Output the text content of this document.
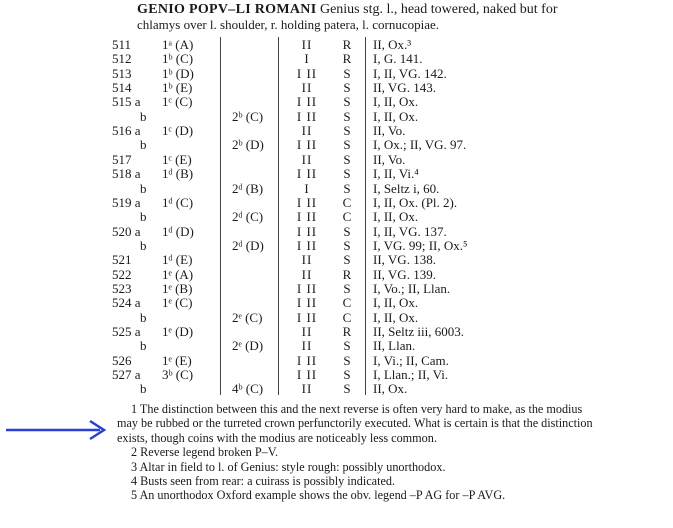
GENIO POPV–LI ROMANI Genius stg. l., head towered, naked but for
chlamys over l. shoulder, r. holding patera, l. cornucopiae.
511	1ᵃ (A)	II	R II, Ox.³
512	1ᵇ (C)	I	R I, G. 141.
513	1ᵇ (D)	I II	S I, II, VG. 142.
514	1ᵇ (E)	II	S II, VG. 143.
515 a	1ᶜ (C)	I II	S I, II, Ox.
b	2ᵇ (C)	I II	S I, II, Ox.
516 a	1ᶜ (D)	II	S II, Vo.
b	2ᵇ (D)	I II	S I, Ox.; II, VG. 97.
517	1ᶜ (E)	II	S II, Vo.
518 a	1ᵈ (B)	I II	S I, II, Vi.⁴
b	2ᵈ (B)	I	S I, Seltz i, 60.
519 a	1ᵈ (C)	I II	C I, II, Ox. (Pl. 2).
b	2ᵈ (C)	I II	C I, II, Ox.
520 a	1ᵈ (D)	I II	S I, II, VG. 137.
b	2ᵈ (D)	I II	S I, VG. 99; II, Ox.⁵
521	1ᵈ (E)	II	S II, VG. 138.
522	1ᵉ (A)	II	R II, VG. 139.
523	1ᵉ (B)	I II	S I, Vo.; II, Llan.
524 a	1ᵉ (C)	I II	C I, II, Ox.
b	2ᵉ (C)	I II	C I, II, Ox.
525 a	1ᵉ (D)	II	R II, Seltz iii, 6003.
b	2ᵉ (D)	II	S II, Llan.
526	1ᵉ (E)	I II	S I, Vi.; II, Cam.
527 a	3ᵇ (C)	I II	S I, Llan.; II, Vi.
b	4ᵇ (C)	II	S II, Ox.
1 The distinction between this and the next reverse is often very hard to make, as the modius may be rubbed or the turreted crown perfunctorily executed. What is certain is that the distinction exists, though coins with the modius are noticeably less common.
2 Reverse legend broken P–V.
3 Altar in field to l. of Genius: style rough: possibly unorthodox.
4 Busts seen from rear: a cuirass is possibly indicated.
5 An unorthodox Oxford example shows the obv. legend –P AG for –P AVG.
